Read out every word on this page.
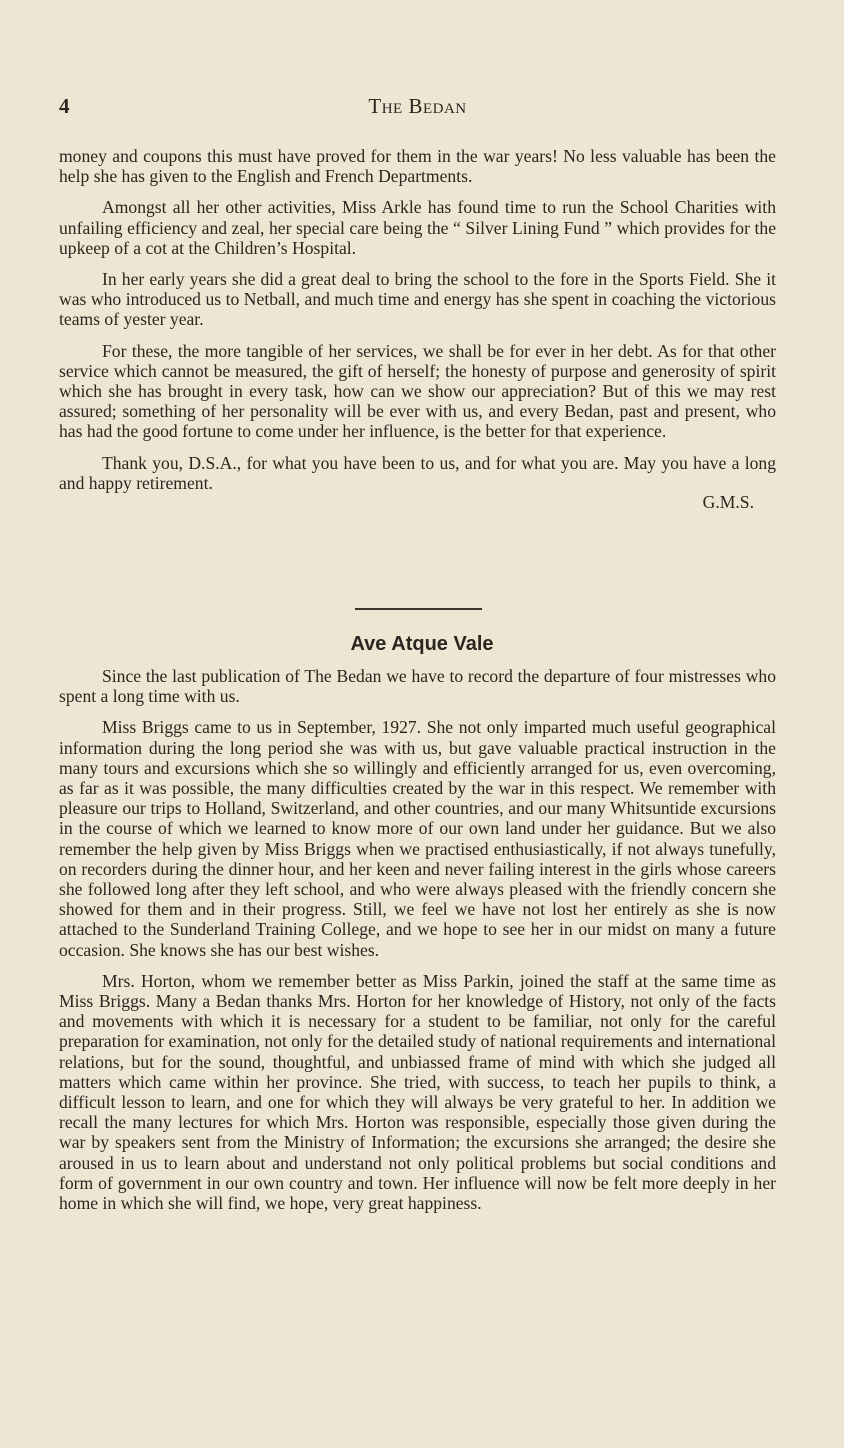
4	The Bedan

money and coupons this must have proved for them in the war years! No less valuable has been the help she has given to the English and French Departments.

Amongst all her other activities, Miss Arkle has found time to run the School Charities with unfailing efficiency and zeal, her special care being the “ Silver Lining Fund ” which provides for the upkeep of a cot at the Children’s Hospital.

In her early years she did a great deal to bring the school to the fore in the Sports Field. She it was who introduced us to Netball, and much time and energy has she spent in coaching the victorious teams of yester year.

For these, the more tangible of her services, we shall be for ever in her debt. As for that other service which cannot be measured, the gift of herself; the honesty of purpose and generosity of spirit which she has brought in every task, how can we show our appreciation? But of this we may rest assured; something of her personality will be ever with us, and every Bedan, past and present, who has had the good fortune to come under her influence, is the better for that experience.

Thank you, D.S.A., for what you have been to us, and for what you are. May you have a long and happy retirement.

G.M.S.
Ave Atque Vale

Since the last publication of The Bedan we have to record the departure of four mistresses who spent a long time with us.

Miss Briggs came to us in September, 1927. She not only imparted much useful geographical information during the long period she was with us, but gave valuable practical instruction in the many tours and excursions which she so willingly and efficiently arranged for us, even overcoming, as far as it was possible, the many difficulties created by the war in this respect. We remember with pleasure our trips to Holland, Switzerland, and other countries, and our many Whitsuntide excursions in the course of which we learned to know more of our own land under her guidance. But we also remember the help given by Miss Briggs when we practised enthusiastically, if not always tunefully, on recorders during the dinner hour, and her keen and never failing interest in the girls whose careers she followed long after they left school, and who were always pleased with the friendly concern she showed for them and in their progress. Still, we feel we have not lost her entirely as she is now attached to the Sunderland Training College, and we hope to see her in our midst on many a future occasion. She knows she has our best wishes.

Mrs. Horton, whom we remember better as Miss Parkin, joined the staff at the same time as Miss Briggs. Many a Bedan thanks Mrs. Horton for her knowledge of History, not only of the facts and movements with which it is necessary for a student to be familiar, not only for the careful preparation for examination, not only for the detailed study of national requirements and international relations, but for the sound, thoughtful, and unbiassed frame of mind with which she judged all matters which came within her province. She tried, with success, to teach her pupils to think, a difficult lesson to learn, and one for which they will always be very grateful to her. In addition we recall the many lectures for which Mrs. Horton was responsible, especially those given during the war by speakers sent from the Ministry of Information; the excursions she arranged; the desire she aroused in us to learn about and understand not only political problems but social conditions and form of government in our own country and town. Her influence will now be felt more deeply in her home in which she will find, we hope, very great happiness.
